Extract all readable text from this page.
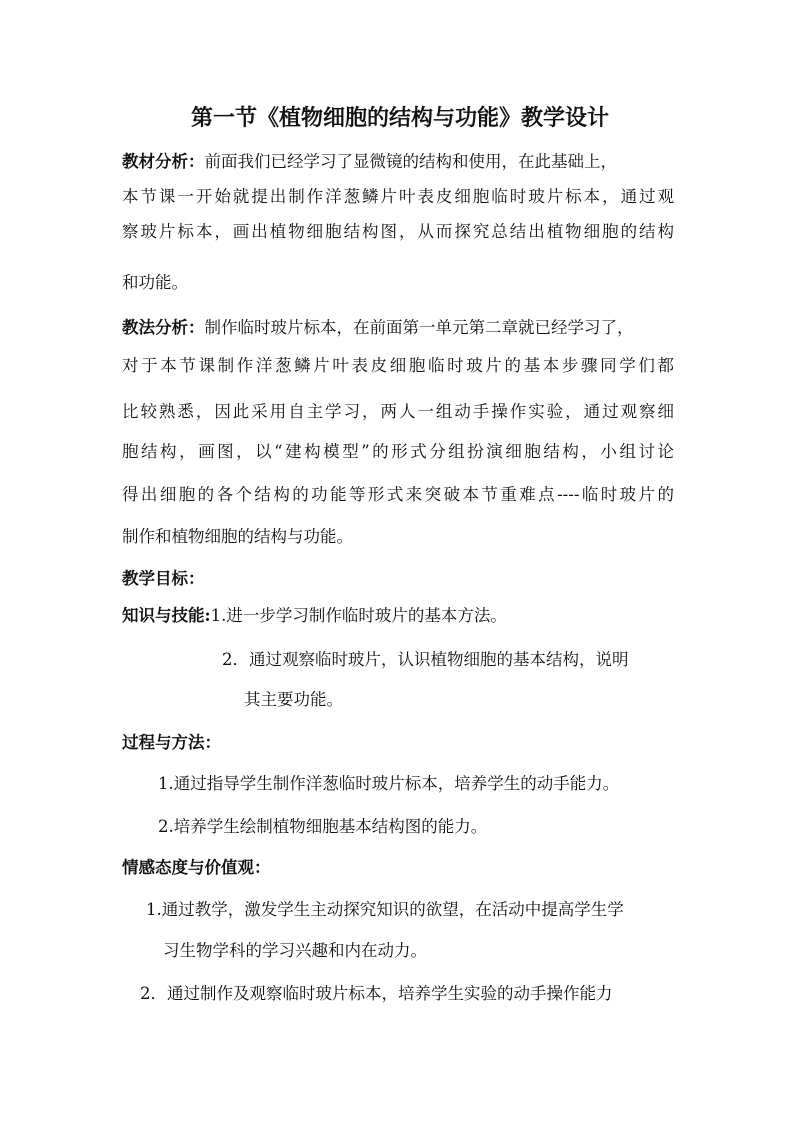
第一节《植物细胞的结构与功能》教学设计
教材分析：前面我们已经学习了显微镜的结构和使用，在此基础上，
本节课一开始就提出制作洋葱鳞片叶表皮细胞临时玻片标本，通过观
察玻片标本，画出植物细胞结构图，从而探究总结出植物细胞的结构
和功能。
教法分析：制作临时玻片标本，在前面第一单元第二章就已经学习了，
对于本节课制作洋葱鳞片叶表皮细胞临时玻片的基本步骤同学们都
比较熟悉，因此采用自主学习，两人一组动手操作实验，通过观察细
胞结构，画图，以“建构模型”的形式分组扮演细胞结构，小组讨论
得出细胞的各个结构的功能等形式来突破本节重难点----临时玻片的
制作和植物细胞的结构与功能。
教学目标：
知识与技能:1.进一步学习制作临时玻片的基本方法。
2．通过观察临时玻片，认识植物细胞的基本结构，说明
其主要功能。
过程与方法：
1.通过指导学生制作洋葱临时玻片标本，培养学生的动手能力。
2.培养学生绘制植物细胞基本结构图的能力。
情感态度与价值观：
1.通过教学，激发学生主动探究知识的欲望，在活动中提高学生学
习生物学科的学习兴趣和内在动力。
2．通过制作及观察临时玻片标本，培养学生实验的动手操作能力
